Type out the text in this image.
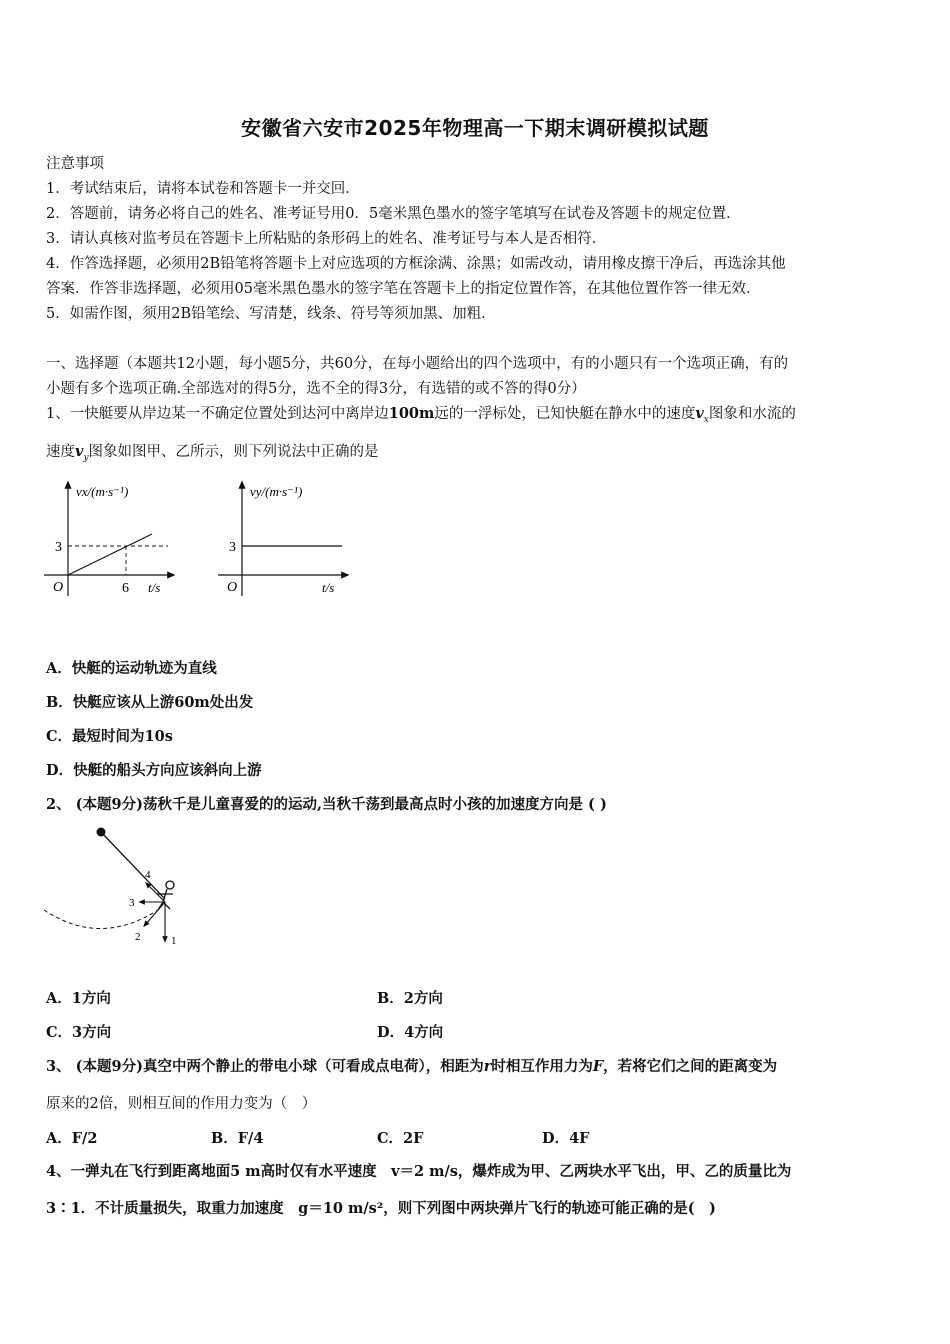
安徽省六安市2025年物理高一下期末调研模拟试题
注意事项
1．考试结束后，请将本试卷和答题卡一并交回．
2．答题前，请务必将自己的姓名、准考证号用0．5毫米黑色墨水的签字笔填写在试卷及答题卡的规定位置．
3．请认真核对监考员在答题卡上所粘贴的条形码上的姓名、准考证号与本人是否相符．
4．作答选择题，必须用2B铅笔将答题卡上对应选项的方框涂满、涂黑；如需改动，请用橡皮擦干净后，再选涂其他
答案．作答非选择题，必须用05毫米黑色墨水的签字笔在答题卡上的指定位置作答，在其他位置作答一律无效．
5．如需作图，须用2B铅笔绘、写清楚，线条、符号等须加黑、加粗．
一、选择题（本题共12小题，每小题5分，共60分，在每小题给出的四个选项中，有的小题只有一个选项正确，有的
小题有多个选项正确.全部选对的得5分，选不全的得3分，有选错的或不答的得0分）
1、一快艇要从岸边某一不确定位置处到达河中离岸边100m远的一浮标处，已知快艇在静水中的速度$v_x$图象和水流的
速度$v_y$图象如图甲、乙所示，则下列说法中正确的是
vx/(m·s⁻¹)
3
O	6 t/s
vy/(m·s⁻¹)
3
O	t/s
A．快艇的运动轨迹为直线
B．快艇应该从上游60m处出发
C．最短时间为10s
D．快艇的船头方向应该斜向上游
2、 (本题9分)荡秋千是儿童喜爱的的运动,当秋千荡到最高点时小孩的加速度方向是 ( )
1
2
3
4
A．1方向	B．2方向
C．3方向	D．4方向
3、 (本题9分)真空中两个静止的带电小球（可看成点电荷），相距为r时相互作用力为F，若将它们之间的距离变为
原来的2倍，则相互间的作用力变为（　）
A．F/2	B．F/4	C．2F	D．4F
4、一弹丸在飞行到距离地面5 m高时仅有水平速度　v＝2 m/s，爆炸成为甲、乙两块水平飞出，甲、乙的质量比为
3∶1．不计质量损失，取重力加速度　g＝10 m/s²，则下列图中两块弹片飞行的轨迹可能正确的是(　)
